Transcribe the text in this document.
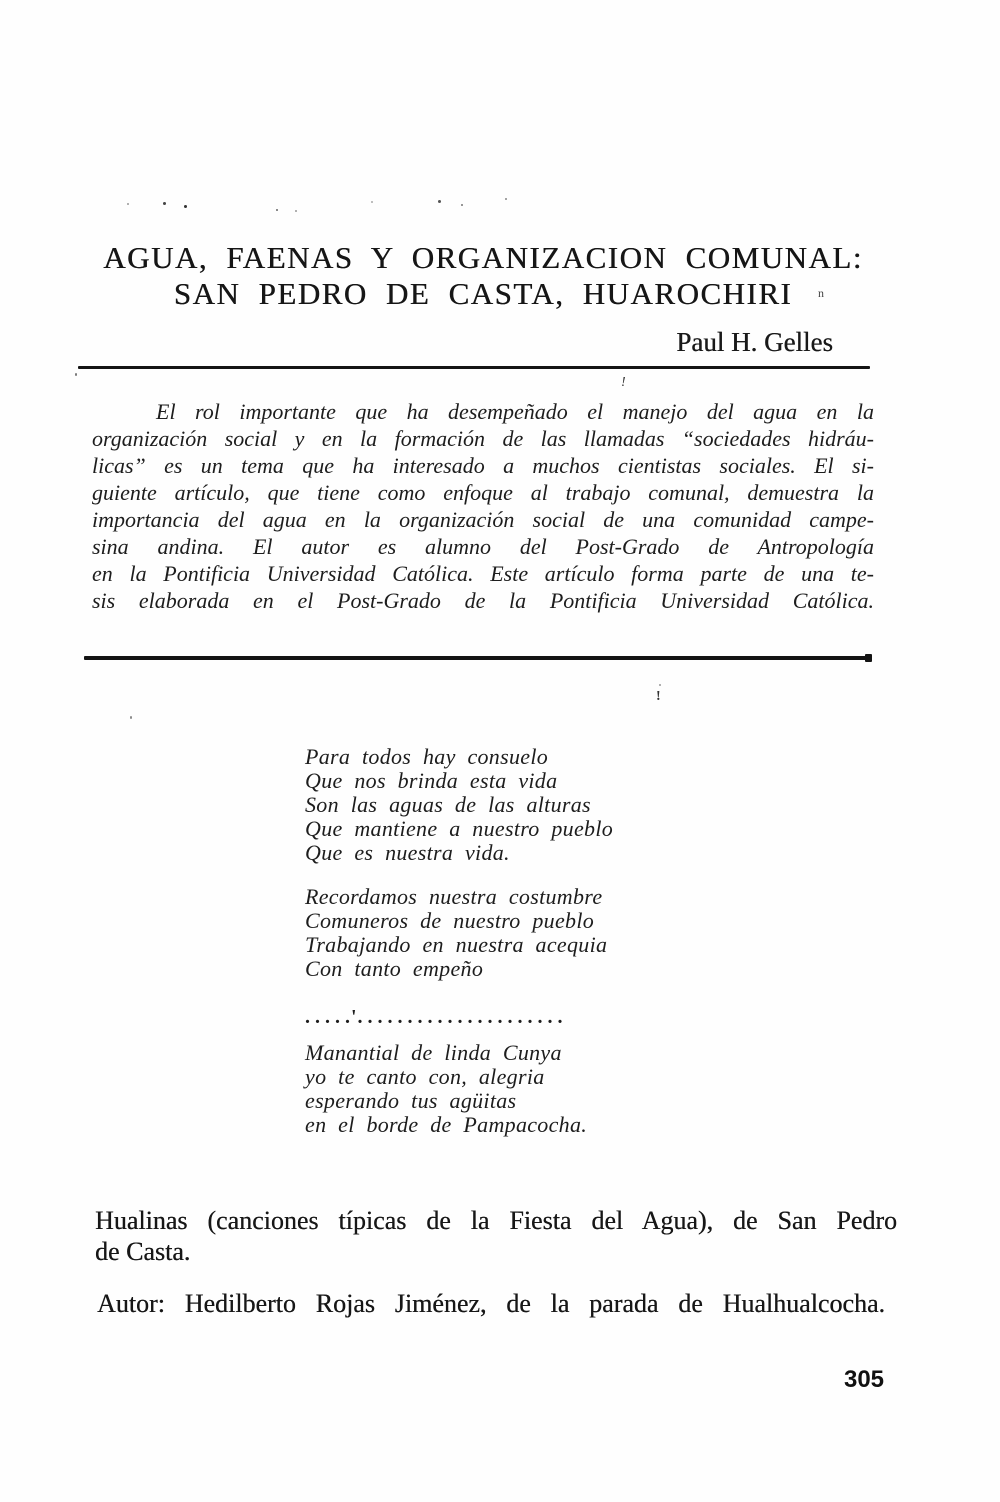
AGUA, FAENAS Y ORGANIZACION COMUNAL:
SAN PEDRO DE CASTA, HUAROCHIRI	n
Paul H. Gelles
!
El rol importante que ha desempeñado el manejo del agua en la
organización social y en la formación de las llamadas “sociedades hidráu-
licas” es un tema que ha interesado a muchos cientistas sociales. El si-
guiente artículo, que tiene como enfoque al trabajo comunal, demuestra la
importancia del agua en la organización social de una comunidad campe-
sina andina. El autor es alumno del Post-Grado de Antropología
en la Pontificia Universidad Católica. Este artículo forma parte de una te-
sis elaborada en el Post-Grado de la Pontificia Universidad Católica.
!
Para todos hay consuelo
Que nos brinda esta vida
Son las aguas de las alturas
Que mantiene a nuestro pueblo
Que es nuestra vida.
Recordamos nuestra costumbre
Comuneros de nuestro pueblo
Trabajando en nuestra acequia
Con tanto empeño
. . . . .'. . . . . . . . . . . . . . . . . . . . .
Manantial de linda Cunya
yo te canto con, alegria
esperando tus agüitas
en el borde de Pampacocha.
Hualinas (canciones típicas de la Fiesta del Agua), de San Pedro
de Casta.
Autor: Hedilberto Rojas Jiménez, de la parada de Hualhualcocha.
305
